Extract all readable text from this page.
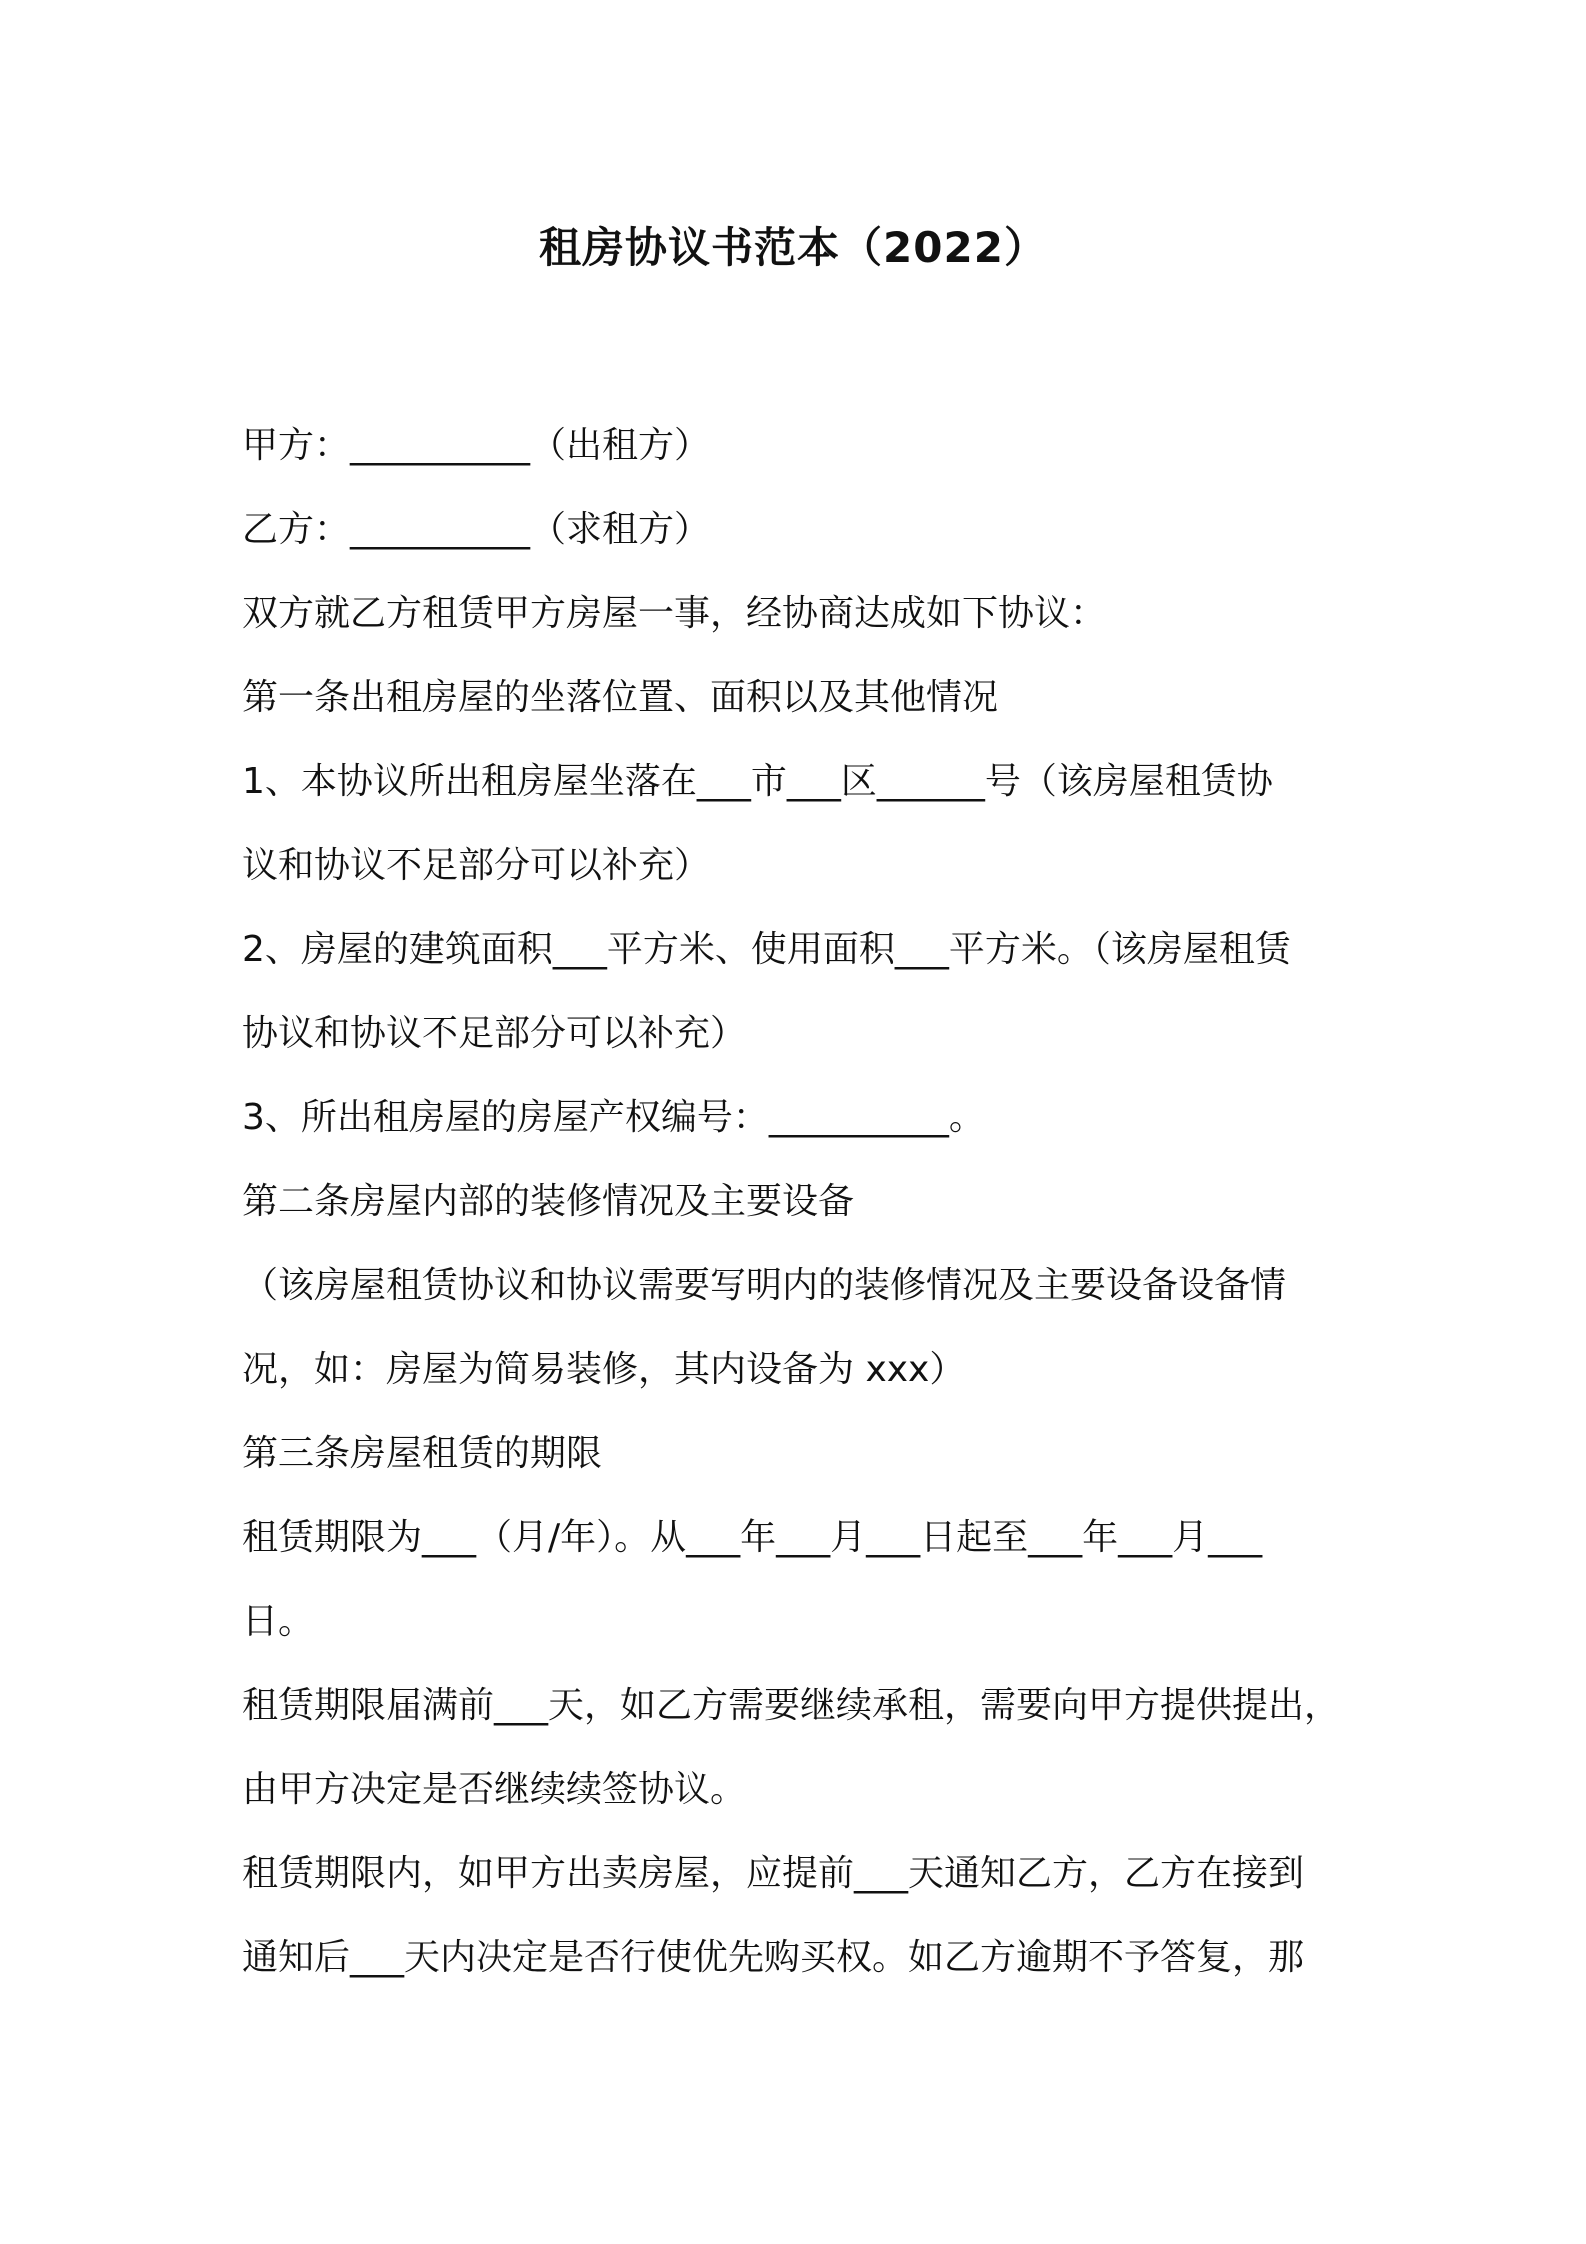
租房协议书范本（2022）
甲方：__________（出租方）
乙方：__________（求租方）
双方就乙方租赁甲方房屋一事，经协商达成如下协议：
第一条出租房屋的坐落位置、面积以及其他情况
1、本协议所出租房屋坐落在___市___区______号（该房屋租赁协
议和协议不足部分可以补充）
2、房屋的建筑面积___平方米、使用面积___平方米。（该房屋租赁
协议和协议不足部分可以补充）
3、所出租房屋的房屋产权编号：__________。
第二条房屋内部的装修情况及主要设备
（该房屋租赁协议和协议需要写明内的装修情况及主要设备设备情
况，如：房屋为简易装修，其内设备为 xxx）
第三条房屋租赁的期限
租赁期限为___（月/年）。从___年___月___日起至___年___月___
日。
租赁期限届满前___天，如乙方需要继续承租，需要向甲方提供提出，
由甲方决定是否继续续签协议。
租赁期限内，如甲方出卖房屋，应提前___天通知乙方，乙方在接到
通知后___天内决定是否行使优先购买权。如乙方逾期不予答复，那
